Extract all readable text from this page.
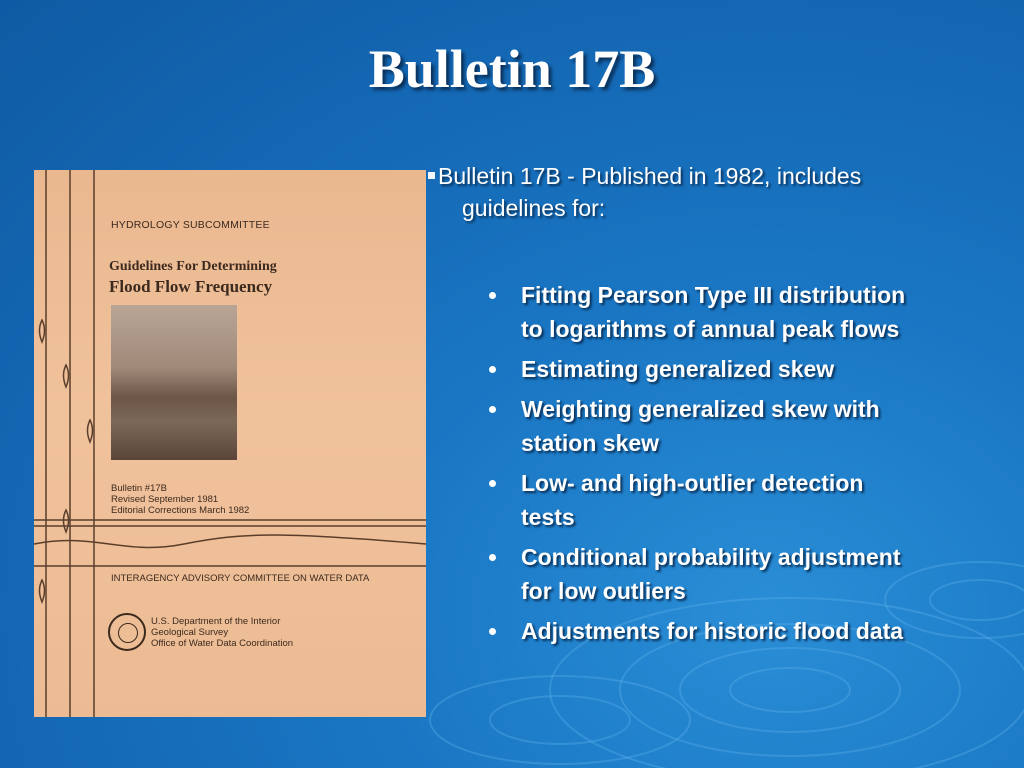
Bulletin 17B
HYDROLOGY SUBCOMMITTEE
Guidelines For Determining
Flood Flow Frequency
Bulletin #17B
Revised September 1981
Editorial Corrections March 1982
INTERAGENCY ADVISORY COMMITTEE ON WATER DATA
U.S. Department of the Interior
Geological Survey
Office of Water Data Coordination
Bulletin 17B - Published in 1982, includes
guidelines for:
Fitting Pearson Type III distribution
to logarithms of annual peak flows
Estimating generalized skew
Weighting generalized skew with
station skew
Low- and high-outlier detection
tests
Conditional probability adjustment
for low outliers
Adjustments for historic flood data
